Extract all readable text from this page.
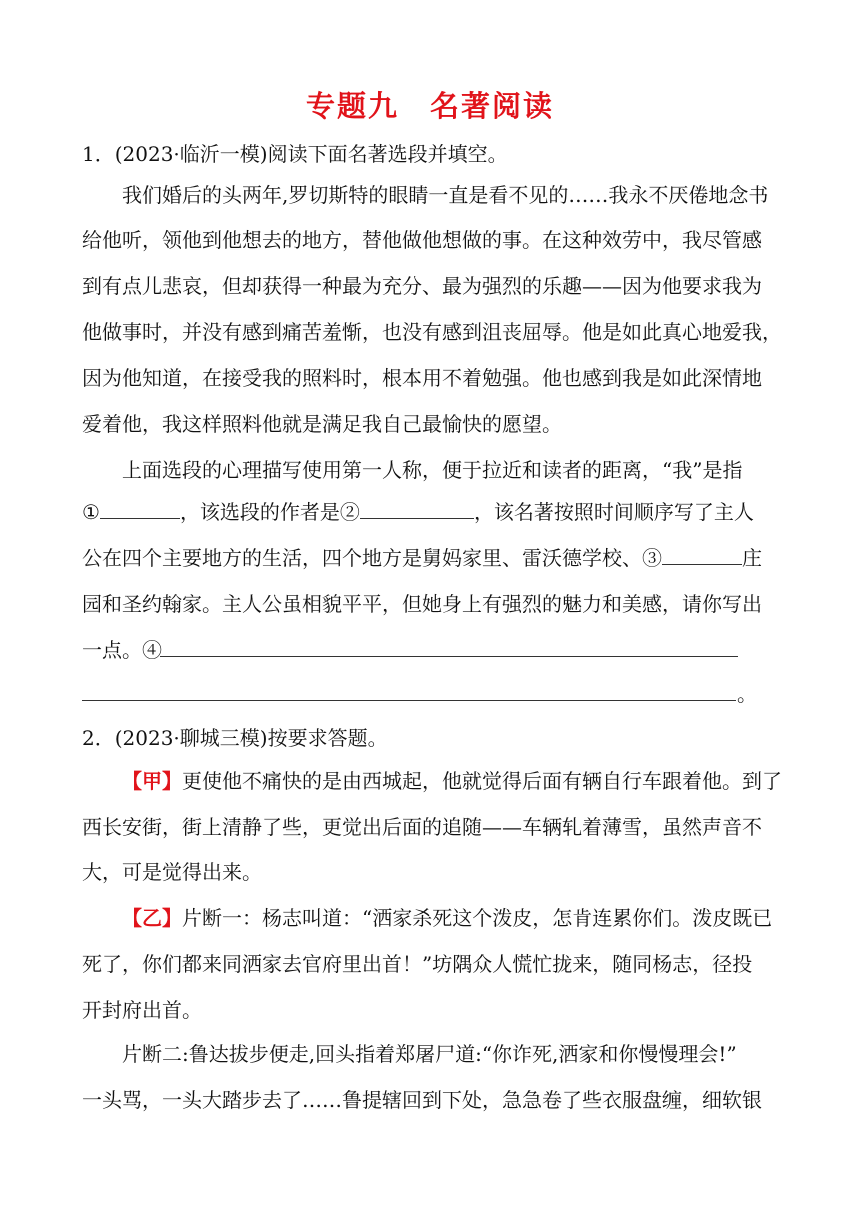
专题九　名著阅读
1．(2023·临沂一模)阅读下面名著选段并填空。
我们婚后的头两年,罗切斯特的眼睛一直是看不见的……我永不厌倦地念书
给他听，领他到他想去的地方，替他做他想做的事。在这种效劳中，我尽管感
到有点儿悲哀，但却获得一种最为充分、最为强烈的乐趣——因为他要求我为
他做事时，并没有感到痛苦羞惭，也没有感到沮丧屈辱。他是如此真心地爱我，
因为他知道，在接受我的照料时，根本用不着勉强。他也感到我是如此深情地
爱着他，我这样照料他就是满足我自己最愉快的愿望。
上面选段的心理描写使用第一人称，便于拉近和读者的距离，“我”是指
①	，该选段的作者是②	，该名著按照时间顺序写了主人
公在四个主要地方的生活，四个地方是舅妈家里、雷沃德学校、③	庄
园和圣约翰家。主人公虽相貌平平，但她身上有强烈的魅力和美感，请你写出
一点。④
。
2．(2023·聊城三模)按要求答题。
【甲】更使他不痛快的是由西城起，他就觉得后面有辆自行车跟着他。到了
西长安街，街上清静了些，更觉出后面的追随——车辆轧着薄雪，虽然声音不
大，可是觉得出来。
【乙】片断一：杨志叫道：“洒家杀死这个泼皮，怎肯连累你们。泼皮既已
死了，你们都来同洒家去官府里出首！”坊隅众人慌忙拢来，随同杨志，径投
开封府出首。
片断二:鲁达拔步便走,回头指着郑屠尸道:“你诈死,洒家和你慢慢理会!”
一头骂，一头大踏步去了……鲁提辖回到下处，急急卷了些衣服盘缠，细软银
